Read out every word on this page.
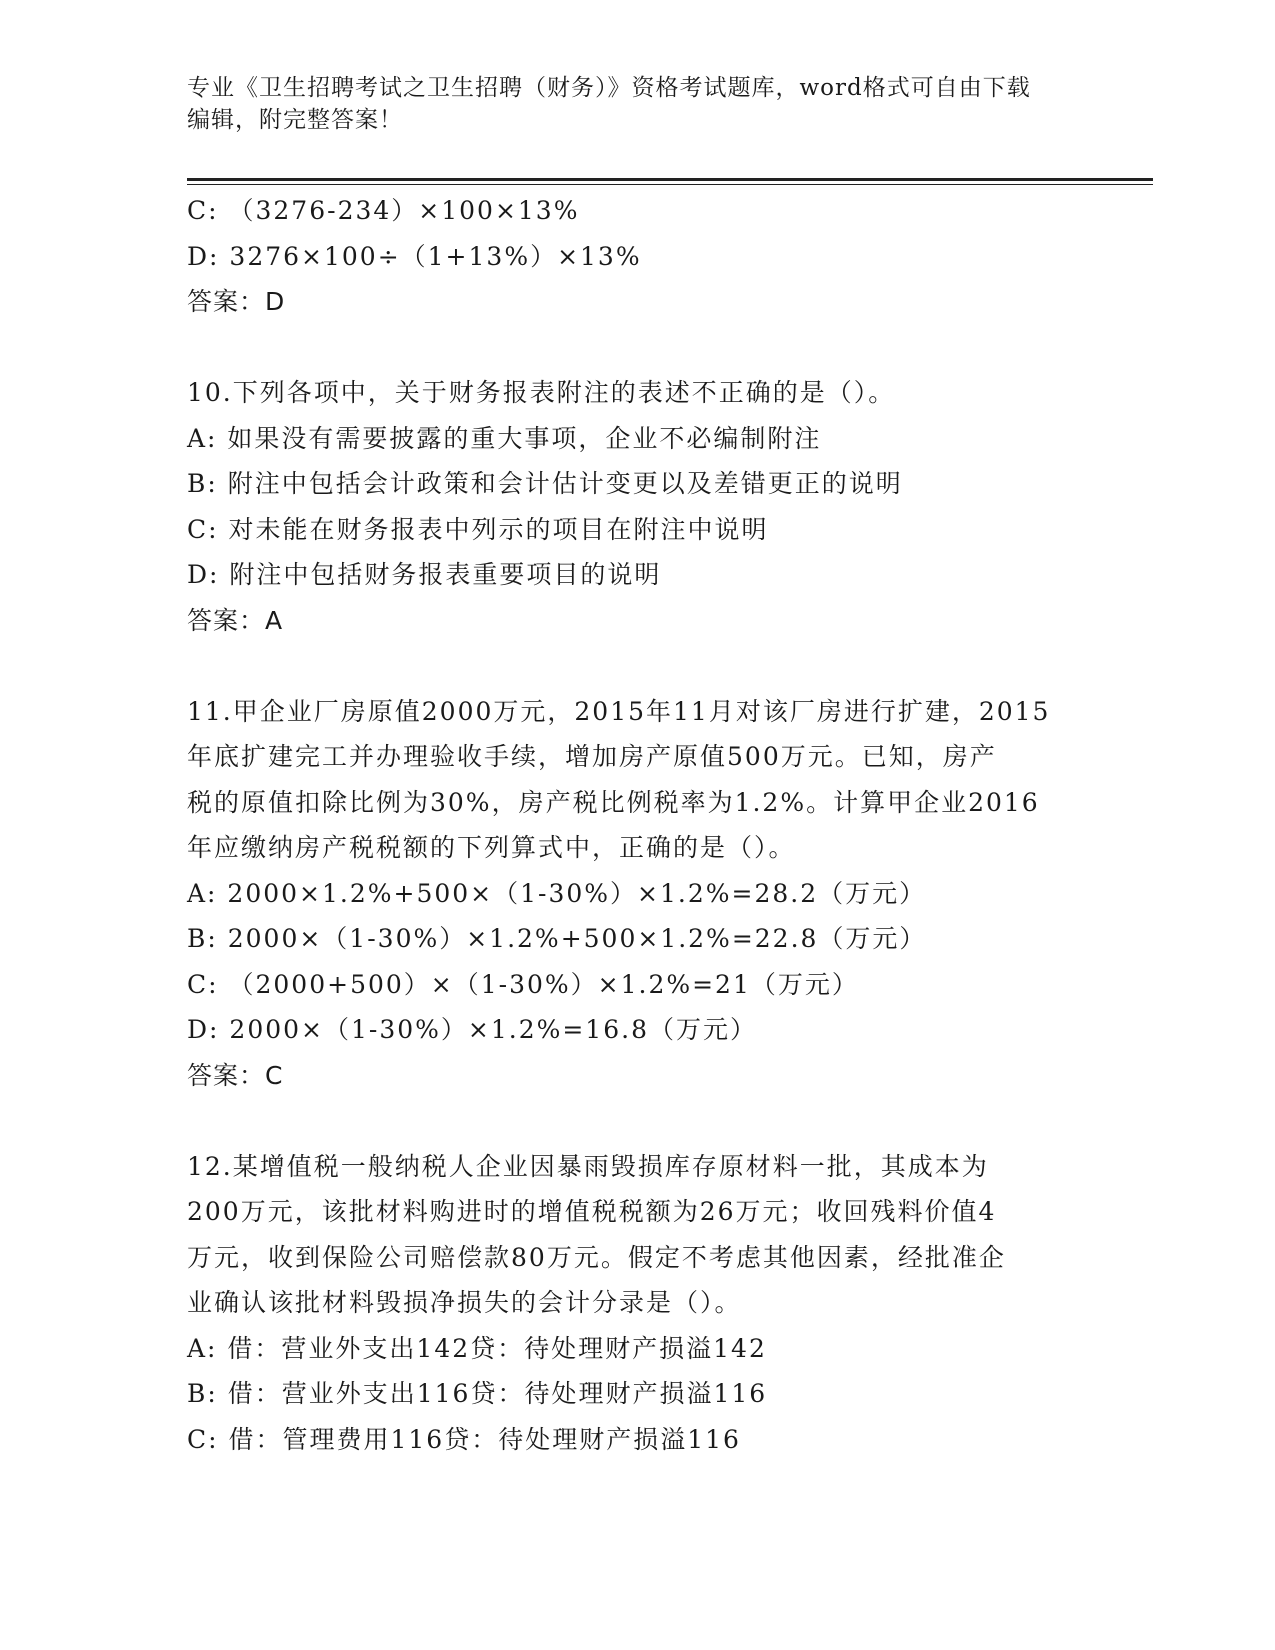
专业《卫生招聘考试之卫生招聘（财务）》资格考试题库，word格式可自由下载
编辑，附完整答案！
C: （3276-234）×100×13%
D: 3276×100÷（1+13%）×13%
答案：D
10.下列各项中，关于财务报表附注的表述不正确的是（）。
A: 如果没有需要披露的重大事项，企业不必编制附注
B: 附注中包括会计政策和会计估计变更以及差错更正的说明
C: 对未能在财务报表中列示的项目在附注中说明
D: 附注中包括财务报表重要项目的说明
答案：A
11.甲企业厂房原值2000万元，2015年11月对该厂房进行扩建，2015
年底扩建完工并办理验收手续，增加房产原值500万元。已知，房产
税的原值扣除比例为30%，房产税比例税率为1.2%。计算甲企业2016
年应缴纳房产税税额的下列算式中，正确的是（）。
A: 2000×1.2%+500×（1-30%）×1.2%=28.2（万元）
B: 2000×（1-30%）×1.2%+500×1.2%=22.8（万元）
C: （2000+500）×（1-30%）×1.2%=21（万元）
D: 2000×（1-30%）×1.2%=16.8（万元）
答案：C
12.某增值税一般纳税人企业因暴雨毁损库存原材料一批，其成本为
200万元，该批材料购进时的增值税税额为26万元；收回残料价值4
万元，收到保险公司赔偿款80万元。假定不考虑其他因素，经批准企
业确认该批材料毁损净损失的会计分录是（）。
A: 借：营业外支出142贷：待处理财产损溢142
B: 借：营业外支出116贷：待处理财产损溢116
C: 借：管理费用116贷：待处理财产损溢116
